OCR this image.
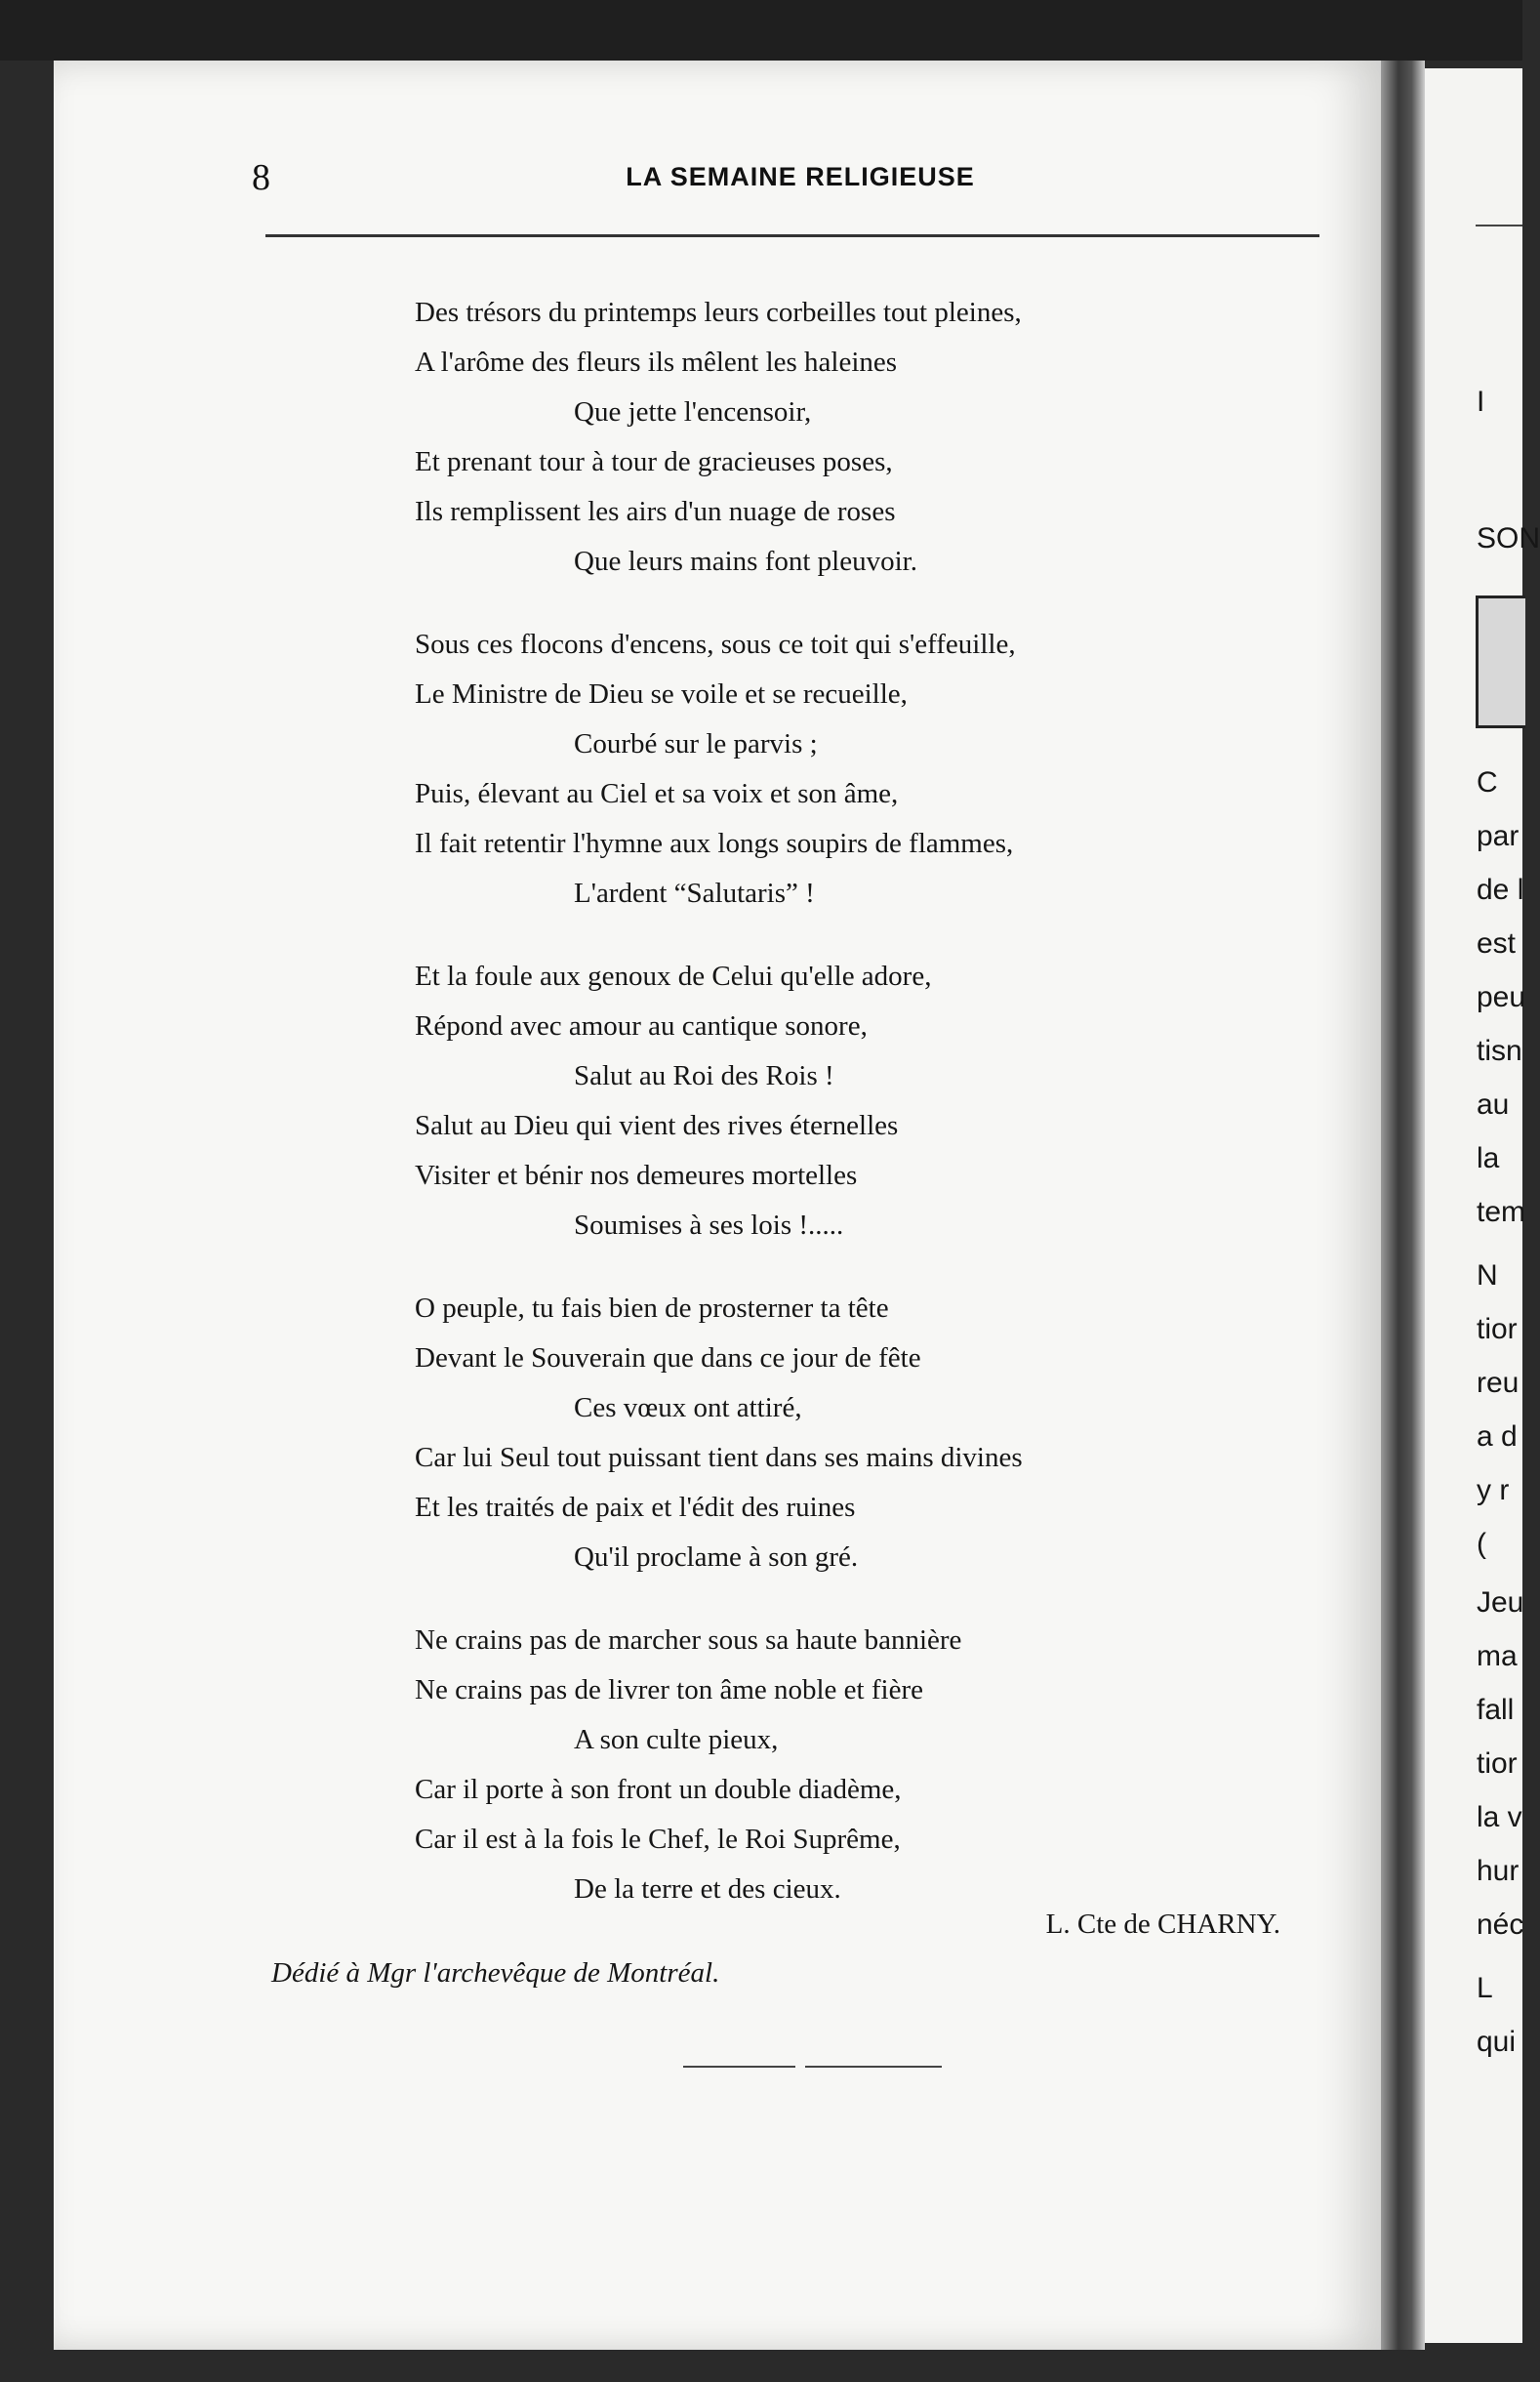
8	LA SEMAINE RELIGIEUSE
Des trésors du printemps leurs corbeilles tout pleines,
A l'arôme des fleurs ils mêlent les haleines
Que jette l'encensoir,
Et prenant tour à tour de gracieuses poses,
Ils remplissent les airs d'un nuage de roses
Que leurs mains font pleuvoir.
Sous ces flocons d'encens, sous ce toit qui s'effeuille,
Le Ministre de Dieu se voile et se recueille,
Courbé sur le parvis ;
Puis, élevant au Ciel et sa voix et son âme,
Il fait retentir l'hymne aux longs soupirs de flammes,
L'ardent “Salutaris” !
Et la foule aux genoux de Celui qu'elle adore,
Répond avec amour au cantique sonore,
Salut au Roi des Rois !
Salut au Dieu qui vient des rives éternelles
Visiter et bénir nos demeures mortelles
Soumises à ses lois !.....
O peuple, tu fais bien de prosterner ta tête
Devant le Souverain que dans ce jour de fête
Ces vœux ont attiré,
Car lui Seul tout puissant tient dans ses mains divines
Et les traités de paix et l'édit des ruines
Qu'il proclame à son gré.
Ne crains pas de marcher sous sa haute bannière
Ne crains pas de livrer ton âme noble et fière
A son culte pieux,
Car il porte à son front un double diadème,
Car il est à la fois le Chef, le Roi Suprême,
De la terre et des cieux.
L. Cte de CHARNY.
Dédié à Mgr l'archevêque de Montréal.
I
SON
C
par
de l
est
peu
tisn
au
la
tem
N
tior
reu
a d
y r
(
Jeu
ma
fall
tior
la v
hur
néc
L
qui
